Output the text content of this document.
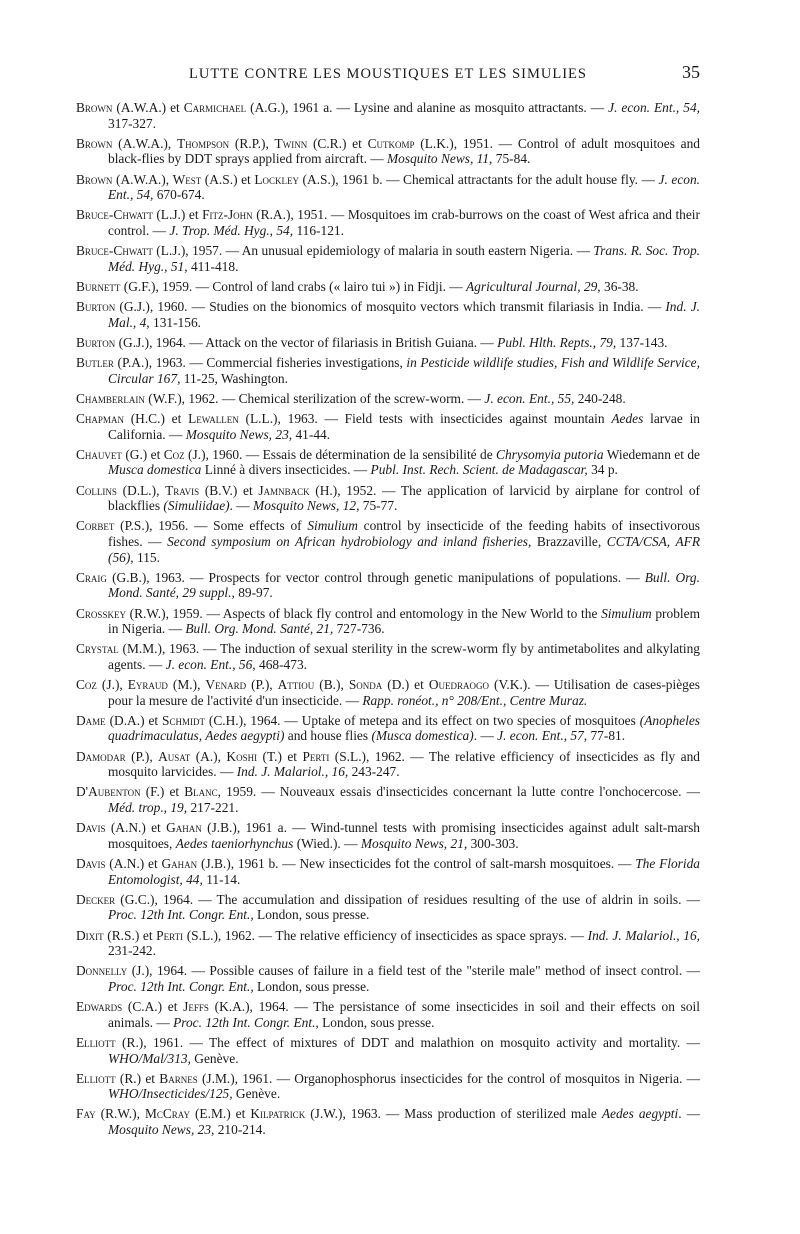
LUTTE CONTRE LES MOUSTIQUES ET LES SIMULIES	35
Brown (A.W.A.) et Carmichael (A.G.), 1961 a. — Lysine and alanine as mosquito attractants. — J. econ. Ent., 54, 317-327.
Brown (A.W.A.), Thompson (R.P.), Twinn (C.R.) et Cutkomp (L.K.), 1951. — Control of adult mosquitoes and black-flies by DDT sprays applied from aircraft. — Mosquito News, 11, 75-84.
Brown (A.W.A.), West (A.S.) et Lockley (A.S.), 1961 b. — Chemical attractants for the adult house fly. — J. econ. Ent., 54, 670-674.
Bruce-Chwatt (L.J.) et Fitz-John (R.A.), 1951. — Mosquitoes im crab-burrows on the coast of West africa and their control. — J. Trop. Méd. Hyg., 54, 116-121.
Bruce-Chwatt (L.J.), 1957. — An unusual epidemiology of malaria in south eastern Nigeria. — Trans. R. Soc. Trop. Méd. Hyg., 51, 411-418.
Burnett (G.F.), 1959. — Control of land crabs (« lairo tui ») in Fidji. — Agricultural Journal, 29, 36-38.
Burton (G.J.), 1960. — Studies on the bionomics of mosquito vectors which transmit filariasis in India. — Ind. J. Mal., 4, 131-156.
Burton (G.J.), 1964. — Attack on the vector of filariasis in British Guiana. — Publ. Hlth. Repts., 79, 137-143.
Butler (P.A.), 1963. — Commercial fisheries investigations, in Pesticide wildlife studies, Fish and Wildlife Service, Circular 167, 11-25, Washington.
Chamberlain (W.F.), 1962. — Chemical sterilization of the screw-worm. — J. econ. Ent., 55, 240-248.
Chapman (H.C.) et Lewallen (L.L.), 1963. — Field tests with insecticides against mountain Aedes larvae in California. — Mosquito News, 23, 41-44.
Chauvet (G.) et Coz (J.), 1960. — Essais de détermination de la sensibilité de Chrysomyia putoria Wiedemann et de Musca domestica Linné à divers insecticides. — Publ. Inst. Rech. Scient. de Madagascar, 34 p.
Collins (D.L.), Travis (B.V.) et Jamnback (H.), 1952. — The application of larvicid by airplane for control of blackflies (Simuliidae). — Mosquito News, 12, 75-77.
Corbet (P.S.), 1956. — Some effects of Simulium control by insecticide of the feeding habits of insectivorous fishes. — Second symposium on African hydrobiology and inland fisheries, Brazzaville, CCTA/CSA, AFR (56), 115.
Craig (G.B.), 1963. — Prospects for vector control through genetic manipulations of populations. — Bull. Org. Mond. Santé, 29 suppl., 89-97.
Crosskey (R.W.), 1959. — Aspects of black fly control and entomology in the New World to the Simulium problem in Nigeria. — Bull. Org. Mond. Santé, 21, 727-736.
Crystal (M.M.), 1963. — The induction of sexual sterility in the screw-worm fly by antimetabolites and alkylating agents. — J. econ. Ent., 56, 468-473.
Coz (J.), Eyraud (M.), Venard (P.), Attiou (B.), Sonda (D.) et Ouedraogo (V.K.). — Utilisation de cases-pièges pour la mesure de l'activité d'un insecticide. — Rapp. ronéot., n° 208/Ent., Centre Muraz.
Dame (D.A.) et Schmidt (C.H.), 1964. — Uptake of metepa and its effect on two species of mosquitoes (Anopheles quadrimaculatus, Aedes aegypti) and house flies (Musca domestica). — J. econ. Ent., 57, 77-81.
Damodar (P.), Ausat (A.), Koshi (T.) et Perti (S.L.), 1962. — The relative efficiency of insecticides as fly and mosquito larvicides. — Ind. J. Malariol., 16, 243-247.
D'Aubenton (F.) et Blanc, 1959. — Nouveaux essais d'insecticides concernant la lutte contre l'onchocercose. — Méd. trop., 19, 217-221.
Davis (A.N.) et Gahan (J.B.), 1961 a. — Wind-tunnel tests with promising insecticides against adult salt-marsh mosquitoes, Aedes taeniorhynchus (Wied.). — Mosquito News, 21, 300-303.
Davis (A.N.) et Gahan (J.B.), 1961 b. — New insecticides fot the control of salt-marsh mosquitoes. — The Florida Entomologist, 44, 11-14.
Decker (G.C.), 1964. — The accumulation and dissipation of residues resulting of the use of aldrin in soils. — Proc. 12th Int. Congr. Ent., London, sous presse.
Dixit (R.S.) et Perti (S.L.), 1962. — The relative efficiency of insecticides as space sprays. — Ind. J. Malariol., 16, 231-242.
Donnelly (J.), 1964. — Possible causes of failure in a field test of the "sterile male" method of insect control. — Proc. 12th Int. Congr. Ent., London, sous presse.
Edwards (C.A.) et Jeffs (K.A.), 1964. — The persistance of some insecticides in soil and their effects on soil animals. — Proc. 12th Int. Congr. Ent., London, sous presse.
Elliott (R.), 1961. — The effect of mixtures of DDT and malathion on mosquito activity and mortality. — WHO/Mal/313, Genève.
Elliott (R.) et Barnes (J.M.), 1961. — Organophosphorus insecticides for the control of mosquitos in Nigeria. — WHO/Insecticides/125, Genève.
Fay (R.W.), McCray (E.M.) et Kilpatrick (J.W.), 1963. — Mass production of sterilized male Aedes aegypti. — Mosquito News, 23, 210-214.
